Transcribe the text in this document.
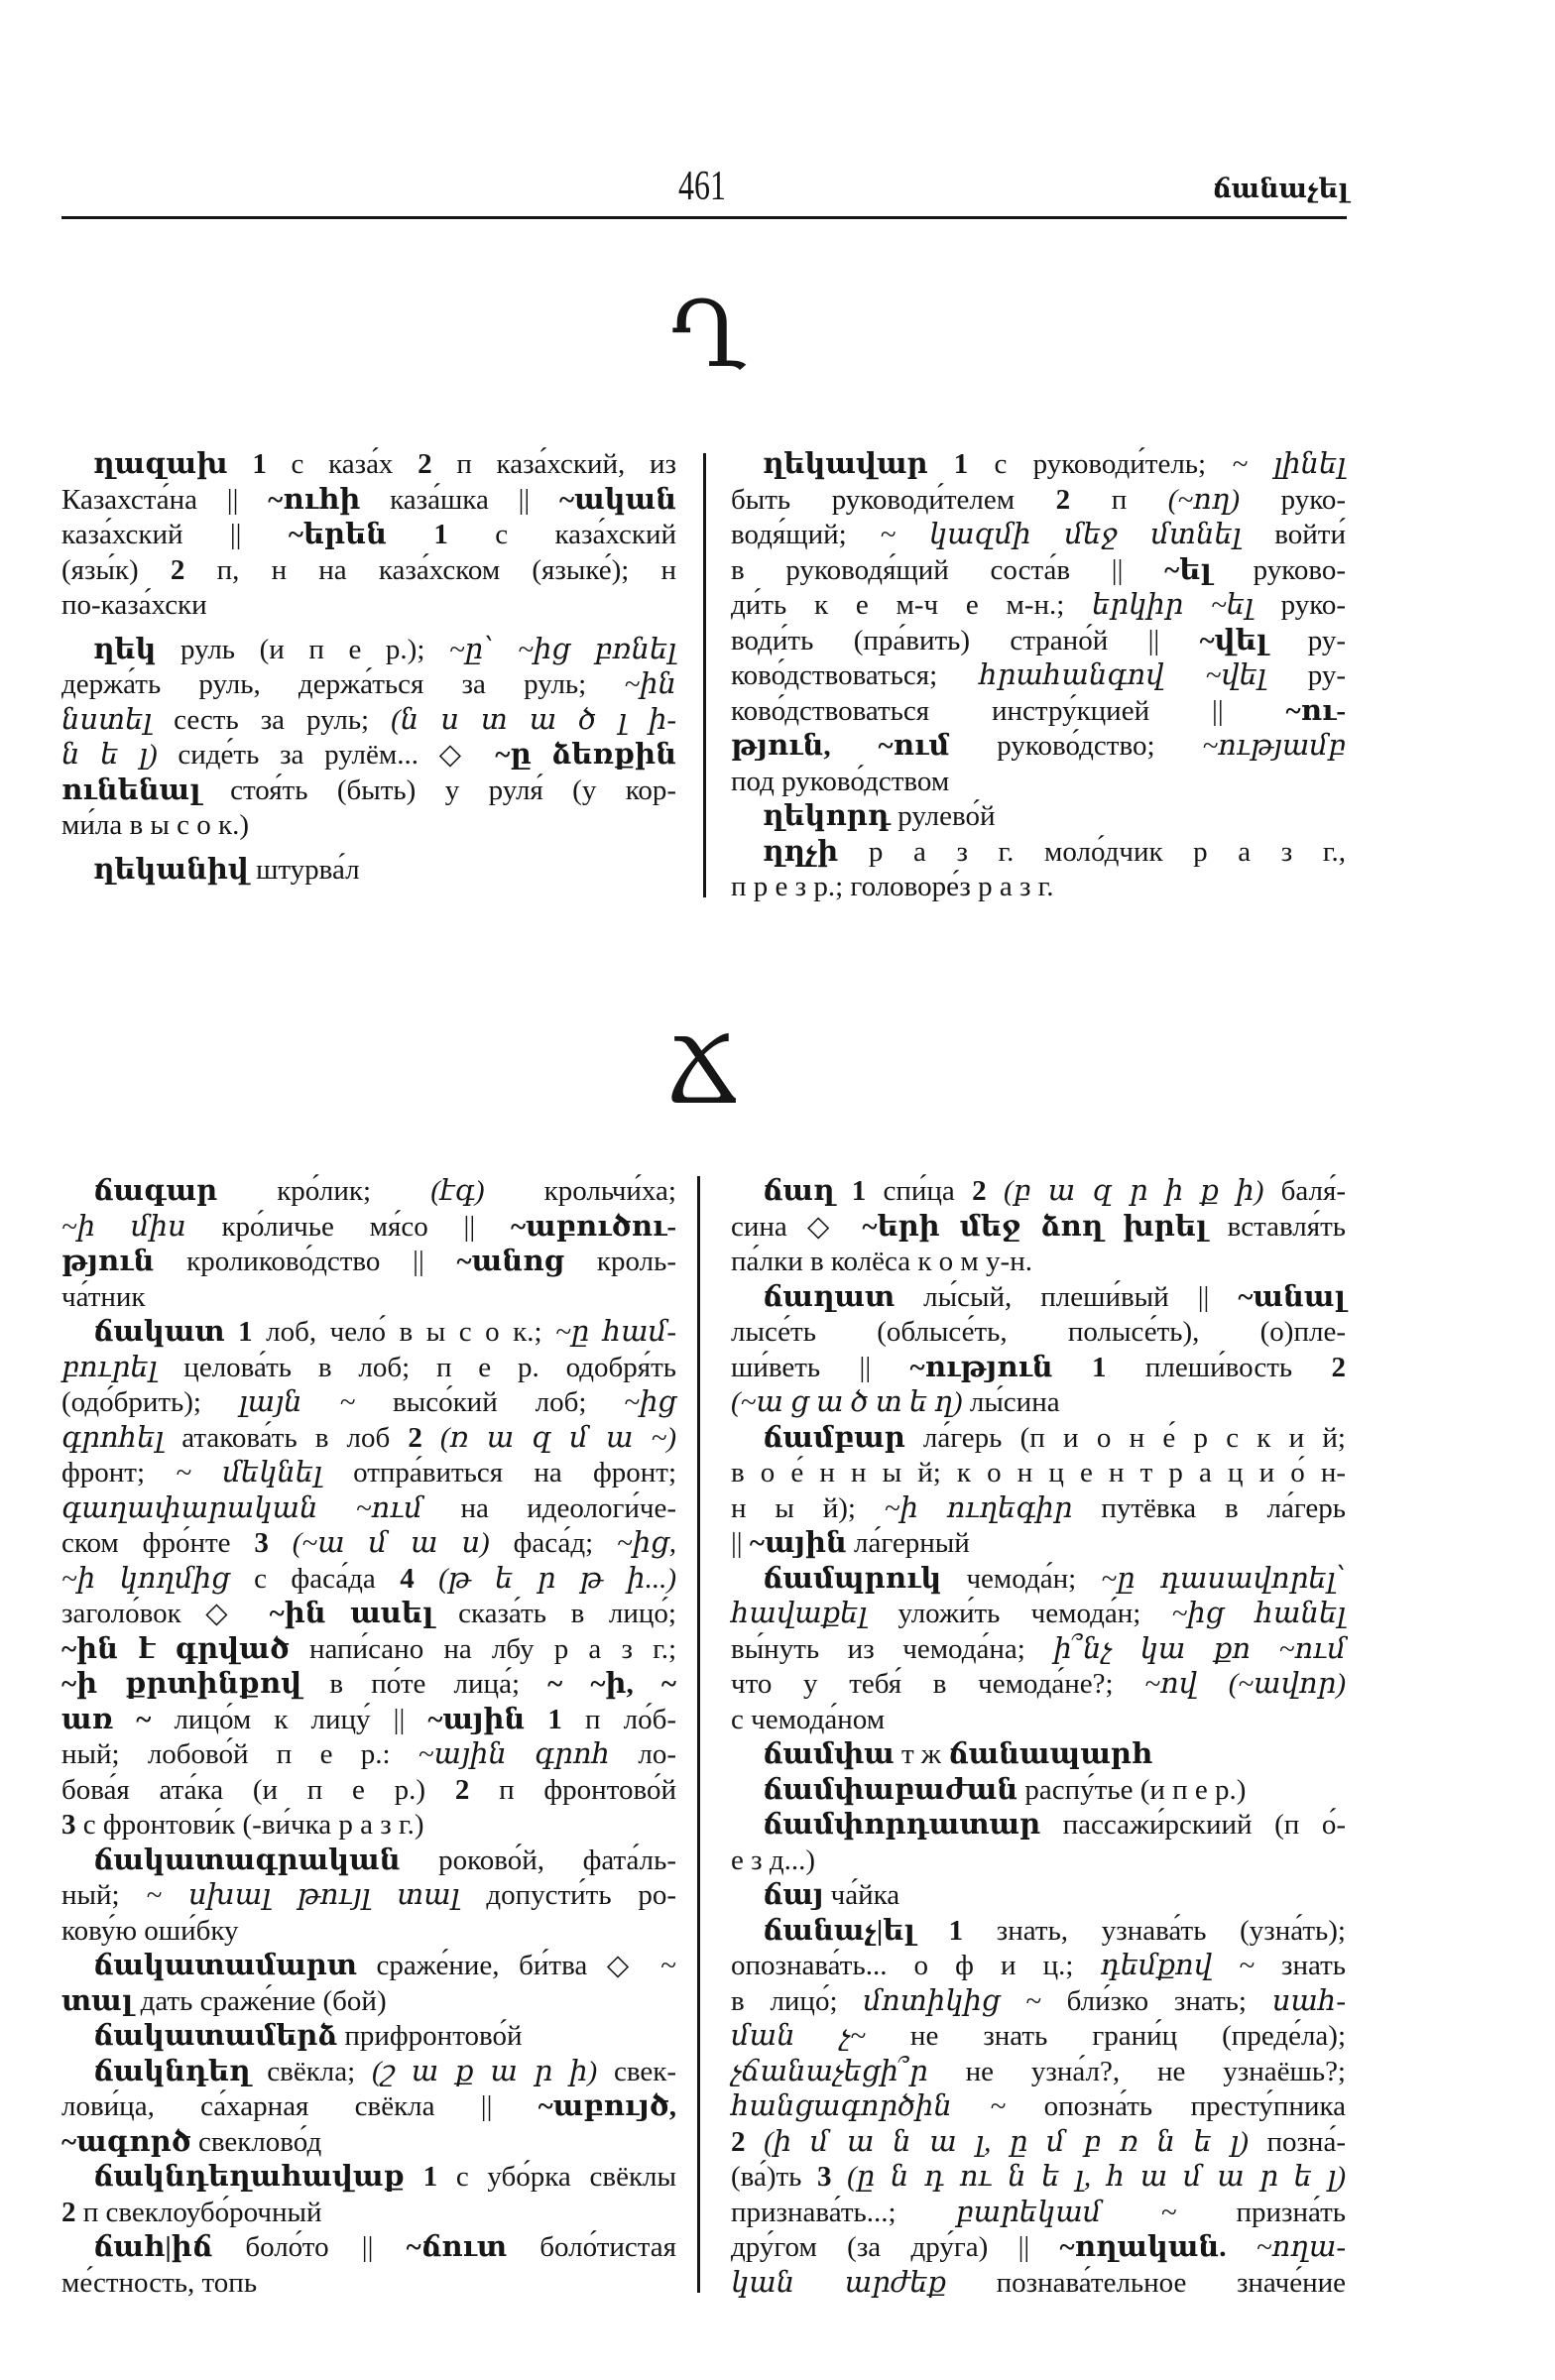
461	ճանաչել
Ղ
ղազախ 1 с каза́х 2 п каза́хский, из
Казахста́на || ~ուհի каза́шка || ~ական
каза́хский || ~երեն 1 с каза́хский
(язы́к) 2 п, н на каза́хском (языке́); н
по-каза́хски
ղեկ руль (и п е р.); ~ը՝ ~ից բռնել
держа́ть руль, держа́ться за руль; ~ին
նստել сесть за руль; (ն ս տ ա ծ լ ի-
ն ե լ) сиде́ть за рулём... ◇ ~ը ձեռքին
ունենալ стоя́ть (быть) у руля́ (у кор-
ми́ла в ы с о к.)
ղեկանիվ штурва́л
ղեկավար 1 с руководи́тель; ~ լինել
быть руководи́телем 2 п (~ող) руко-
водя́щий; ~ կազմի մեջ մտնել войти́
в руководя́щий соста́в || ~ել руково-
ди́ть к е м-ч е м-н.; երկիր ~ել руко-
води́ть (пра́вить) страно́й || ~վել ру-
ково́дствоваться; հրահանգով ~վել ру-
ково́дствоваться инстру́кцией || ~ու-
թյուն, ~ում руково́дство; ~ությամբ
под руково́дством
ղեկորդ рулево́й
ղղչի р а з г. моло́дчик р а з г.,
п р е з р.; головоре́з р а з г.
Ճ
ճագար кро́лик; (էգ) крольчи́ха;
~ի միս кро́личье мя́со || ~աբուծու-
թյուն кроликово́дство || ~անոց кроль-
ча́тник
ճակատ 1 лоб, чело́ в ы с о к.; ~ը համ-
բուրել целова́ть в лоб; п е р. одобря́ть
(одо́брить); լայն ~ высо́кий лоб; ~ից
գրոհել атакова́ть в лоб 2 (ռ ա զ մ ա ~)
фронт; ~ մեկնել отпра́виться на фронт;
գաղափարական ~ում на идеологи́че-
ском фро́нте 3 (~ա մ ա ս) фаса́д; ~ից,
~ի կողմից с фаса́да 4 (թ ե ր թ ի...)
заголо́вок ◇ ~ին ասել сказа́ть в лицо́;
~ին է գրված напи́сано на лбу р а з г.;
~ի քրտինքով в по́те лица́; ~ ~ի, ~
առ ~ лицо́м к лицу́ || ~ային 1 п ло́б-
ный; лобово́й п е р.: ~ային գրոհ ло-
бова́я ата́ка (и п е р.) 2 п фронтово́й
3 с фронтови́к (-ви́чка р а з г.)
ճակատագրական роково́й, фата́ль-
ный; ~ սխալ թույլ տալ допусти́ть ро-
кову́ю оши́бку
ճակատամարտ сраже́ние, би́тва ◇ ~
տալ дать сраже́ние (бой)
ճակատամերձ прифронтово́й
ճակնդեղ свёкла; (շ ա ք ա ր ի) свек-
лови́ца, са́харная свёкла || ~աբույծ,
~ագործ свеклово́д
ճակնդեղահավաք 1 с убо́рка свёклы
2 п свеклоубо́рочный
ճահ|իճ боло́то || ~ճուտ боло́тистая
ме́стность, топь
ճաղ 1 спи́ца 2 (բ ա զ ր ի ք ի) баля́-
сина ◇ ~երի մեջ ձող խրել вставля́ть
па́лки в колёса к о м у-н.
ճաղատ лы́сый, плеши́вый || ~անալ
лысе́ть (облысе́ть, полысе́ть), (о)пле-
ши́веть || ~ություն 1 плеши́вость 2
(~ա ց ա ծ տ ե ղ) лы́сина
ճամբար ла́герь (п и о н е́ р с к и й;
в о е́ н н ы й; к о н ц е н т р а ц и о́ н-
н ы й); ~ի ուղեգիր путёвка в ла́герь
|| ~ային ла́герный
ճամպրուկ чемода́н; ~ը դասավորել՝
հավաքել уложи́ть чемода́н; ~ից հանել
вы́нуть из чемода́на; ի՞նչ կա քո ~ում
что у тебя́ в чемода́не?; ~ով (~ավոր)
с чемода́ном
ճամփա т ж ճանապարհ
ճամփաբաժան распу́тье (и п е р.)
ճամփորդատար пассажи́рскиий (п о́-
е з д...)
ճայ ча́йка
ճանաչ|ել 1 знать, узнава́ть (узна́ть);
опознава́ть... о ф и ц.; դեմքով ~ знать
в лицо́; մոտիկից ~ бли́зко знать; սահ-
ման չ~ не знать грани́ц (преде́ла);
չճանաչեցի՞ր не узна́л?, не узнаёшь?;
հանցագործին ~ опозна́ть престу́пника
2 (ի մ ա ն ա լ, ը մ բ ռ ն ե լ) позна́-
(ва́)ть 3 (ը ն դ ու ն ե լ, հ ա մ ա ր ե լ)
признава́ть...; բարեկամ ~ призна́ть
дру́гом (за дру́га) || ~ողական. ~ողա-
կան արժեք познава́тельное значе́ние
